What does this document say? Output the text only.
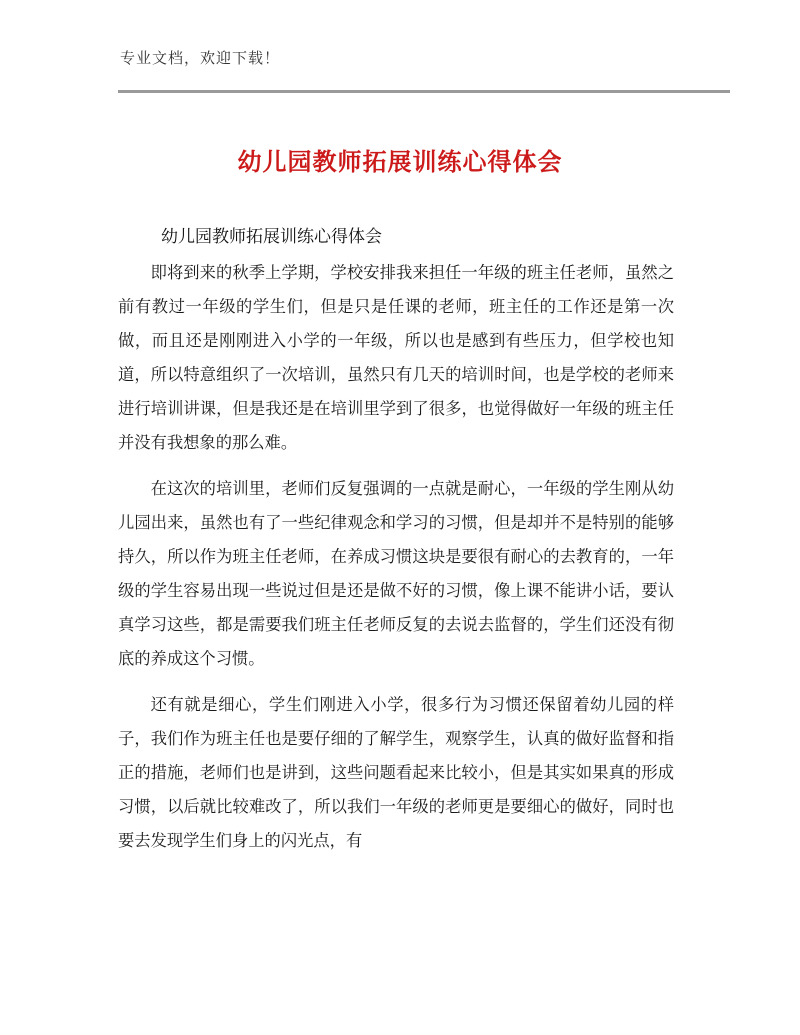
专业文档，欢迎下载！
幼儿园教师拓展训练心得体会
幼儿园教师拓展训练心得体会

即将到来的秋季上学期，学校安排我来担任一年级的班主任老师，虽然之前有教过一年级的学生们，但是只是任课的老师，班主任的工作还是第一次做，而且还是刚刚进入小学的一年级，所以也是感到有些压力，但学校也知道，所以特意组织了一次培训，虽然只有几天的培训时间，也是学校的老师来进行培训讲课，但是我还是在培训里学到了很多，也觉得做好一年级的班主任并没有我想象的那么难。

在这次的培训里，老师们反复强调的一点就是耐心，一年级的学生刚从幼儿园出来，虽然也有了一些纪律观念和学习的习惯，但是却并不是特别的能够持久，所以作为班主任老师，在养成习惯这块是要很有耐心的去教育的，一年级的学生容易出现一些说过但是还是做不好的习惯，像上课不能讲小话，要认真学习这些，都是需要我们班主任老师反复的去说去监督的，学生们还没有彻底的养成这个习惯。

还有就是细心，学生们刚进入小学，很多行为习惯还保留着幼儿园的样子，我们作为班主任也是要仔细的了解学生，观察学生，认真的做好监督和指正的措施，老师们也是讲到，这些问题看起来比较小，但是其实如果真的形成习惯，以后就比较难改了，所以我们一年级的老师更是要细心的做好，同时也要去发现学生们身上的闪光点，有
